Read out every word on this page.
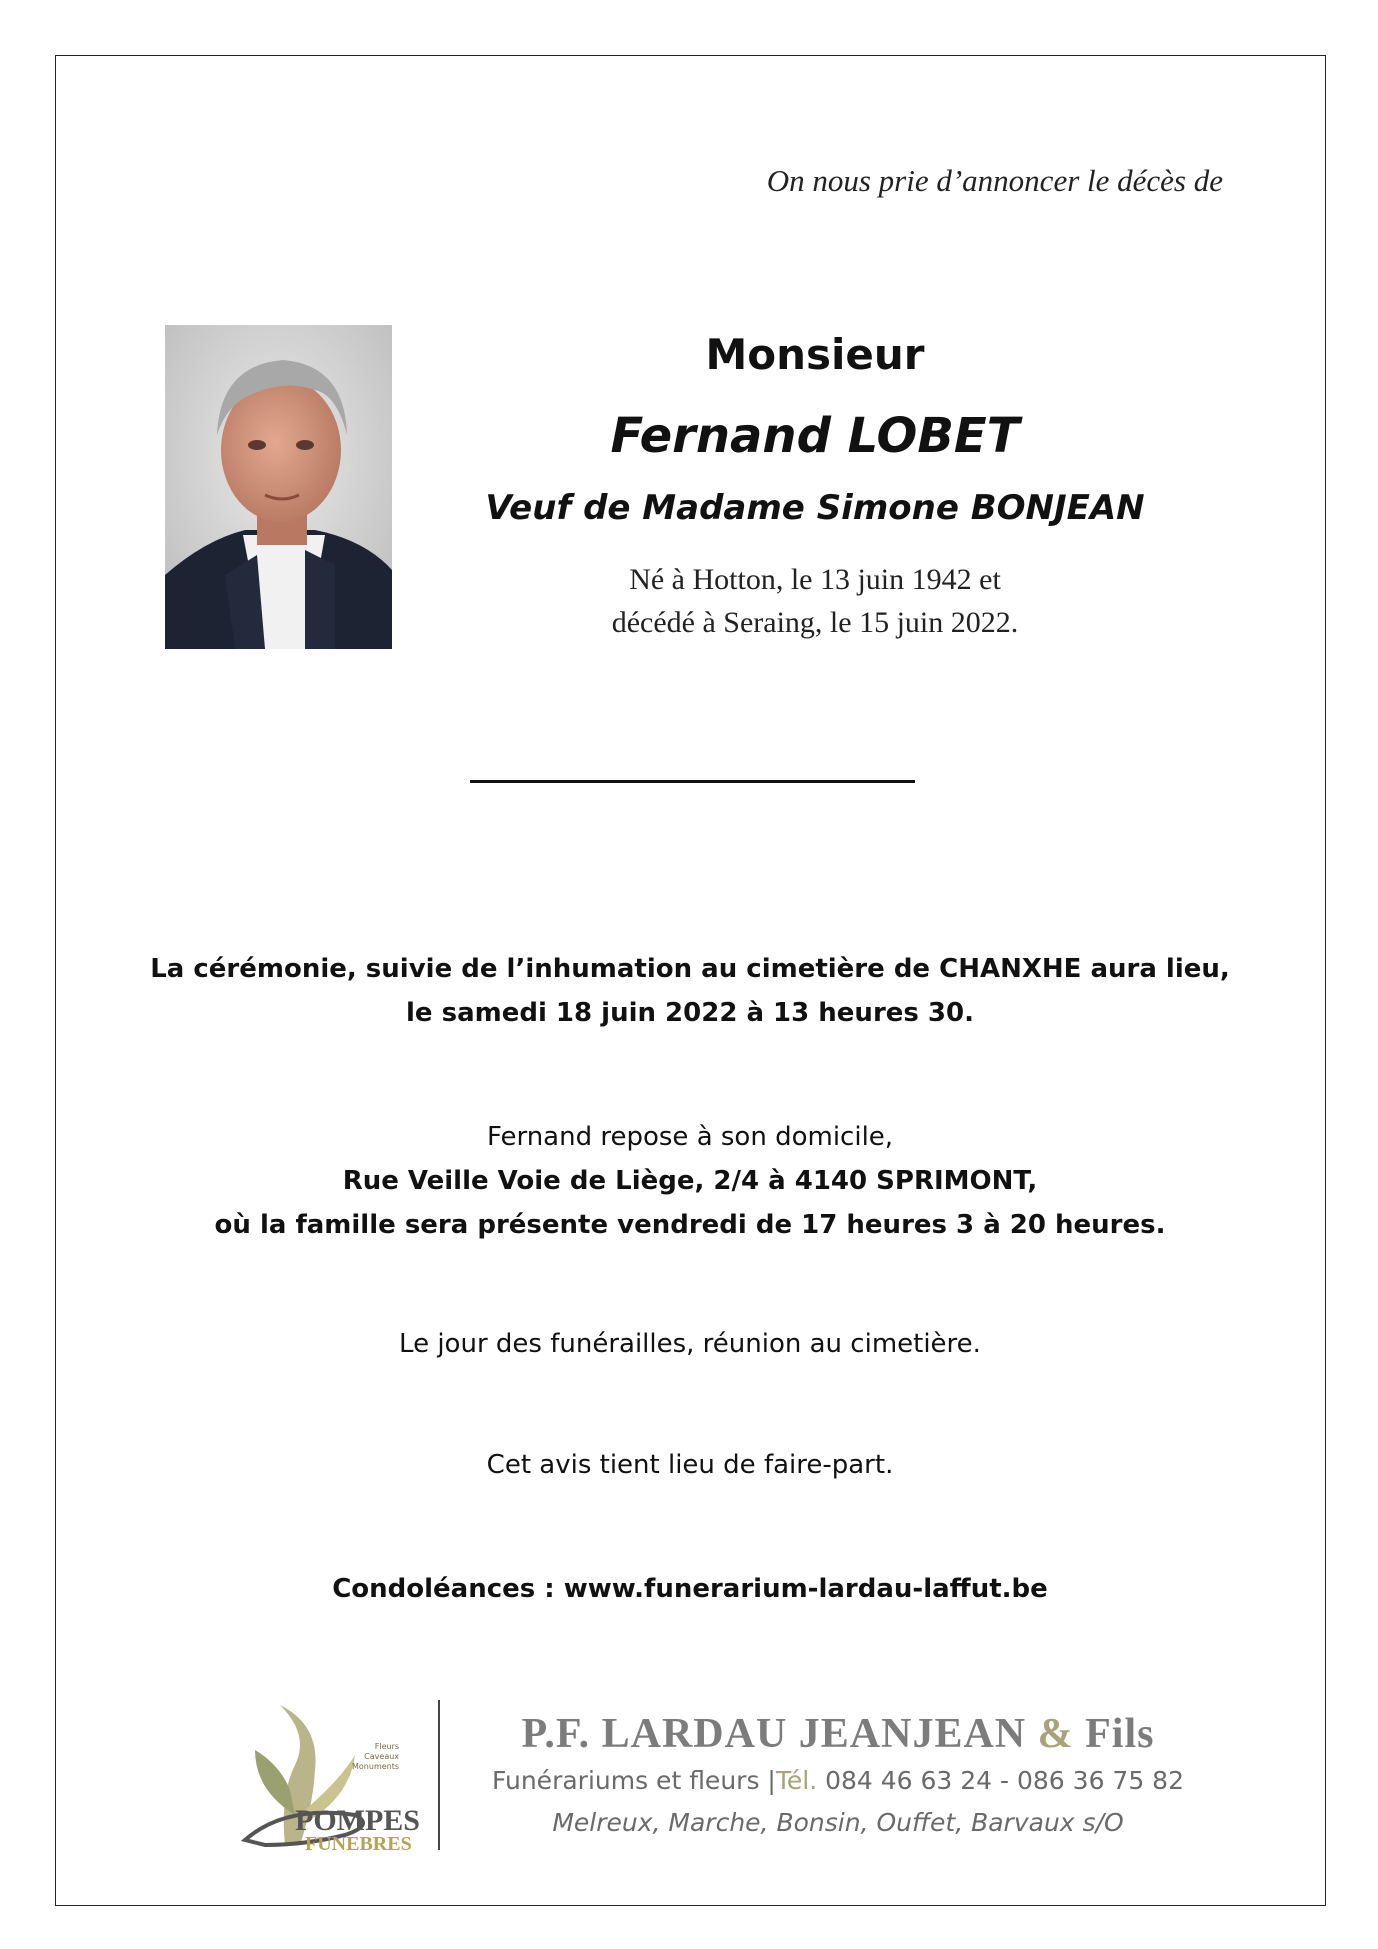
On nous prie d’annoncer le décès de
Monsieur
Fernand LOBET
Veuf de Madame Simone BONJEAN
Né à Hotton, le 13 juin 1942 et
décédé à Seraing, le 15 juin 2022.
La cérémonie, suivie de l’inhumation au cimetière de CHANXHE aura lieu,
le samedi 18 juin 2022 à 13 heures 30.
Fernand repose à son domicile,
Rue Veille Voie de Liège, 2/4 à 4140 SPRIMONT,
où la famille sera présente vendredi de 17 heures 3 à 20 heures.
Le jour des funérailles, réunion au cimetière.
Cet avis tient lieu de faire-part.
Condoléances : www.funerarium-lardau-laffut.be
POMPES
FUNEBRES
Fleurs
Caveaux
Monuments
P.F. LARDAU JEANJEAN & Fils
Funérariums et fleurs |Tél. 084 46 63 24 - 086 36 75 82
Melreux, Marche, Bonsin, Ouffet, Barvaux s/O
